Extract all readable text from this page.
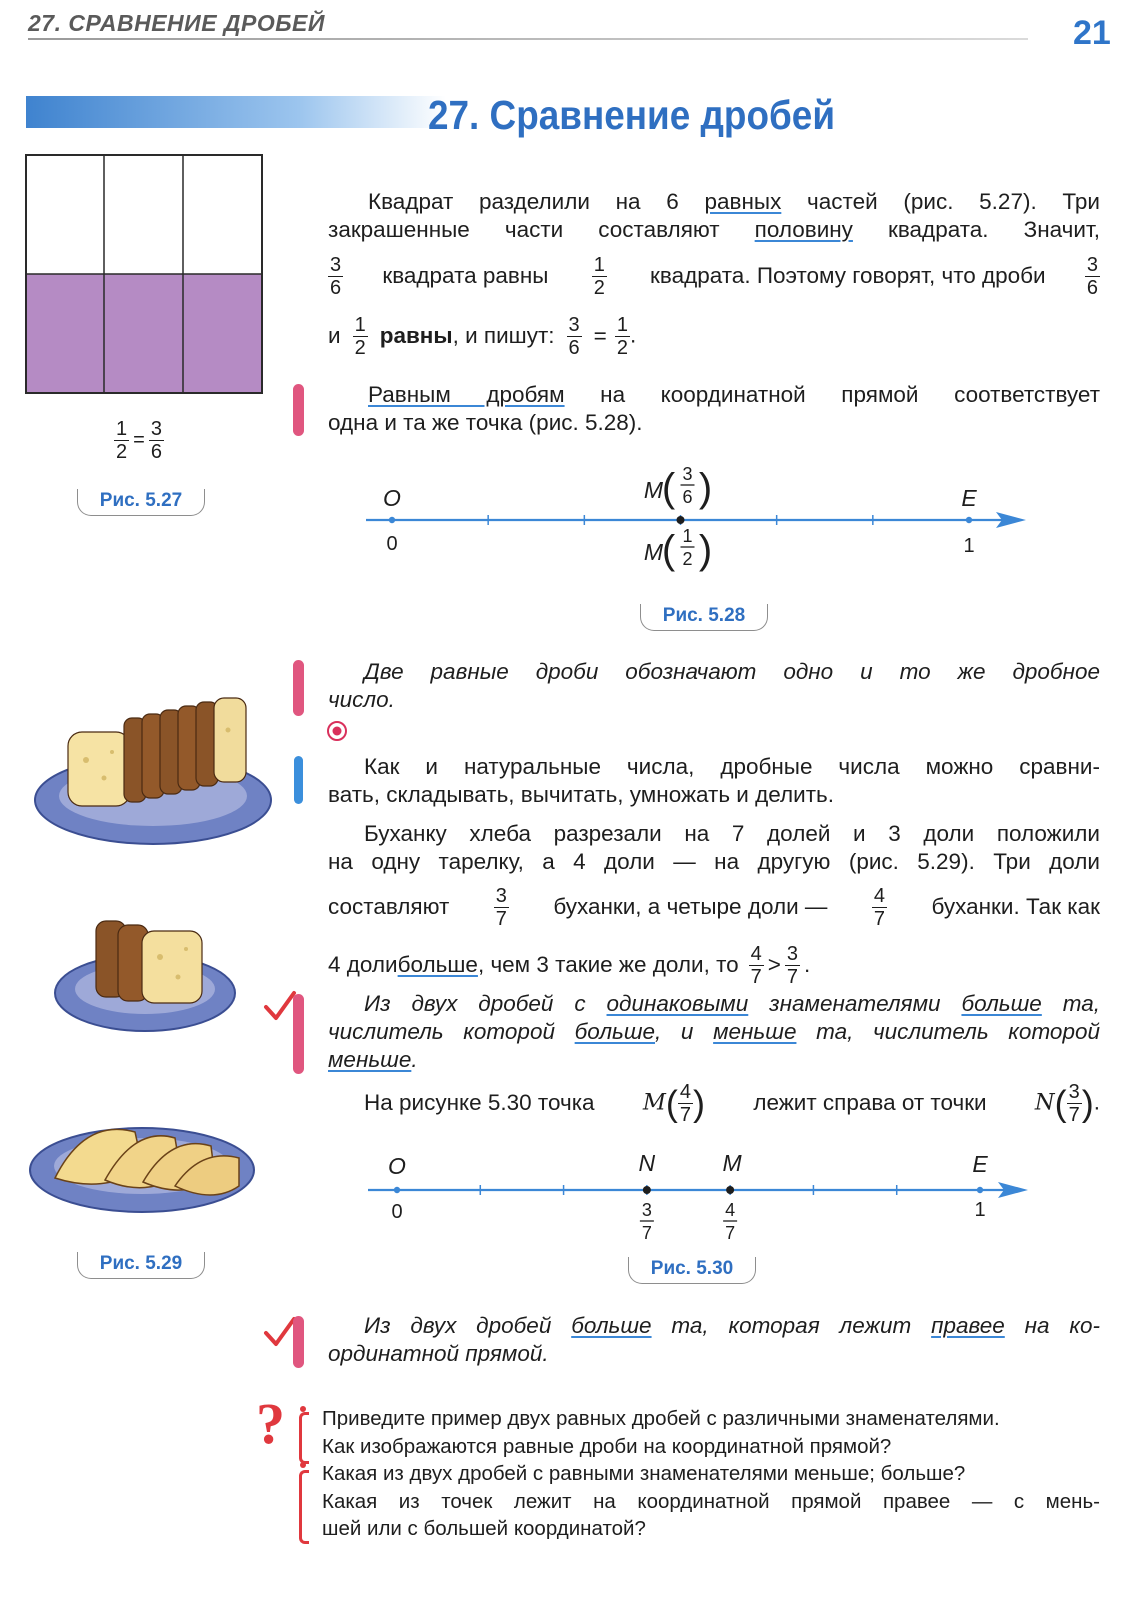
27. СРАВНЕНИЕ ДРОБЕЙ	21
27. Сравнение дробей
$\frac{1}{2} = \frac{3}{6}$
Рис. 5.27
Квадрат разделили на 6 равных частей (рис. 5.27). Три
закрашенные части составляют половину квадрата. Значит,
3
6 квадрата равны 1
2 квадрата. Поэтому говорят, что дроби 3
6
и 1
2 равны, и пишут: $\frac{3}{6} = \frac{1}{2}$ .
Равным дробям на координатной прямой соответствует
одна и та же точка (рис. 5.28).
O	E
0	1
M
( 3
6 )
M
( 1
2 )
Рис. 5.28
Две равные дроби обозначают одно и то же дробное
число.
Рис. 5.29
Как и натуральные числа, дробные числа можно сравни-
вать, складывать, вычитать, умножать и делить.
Буханку хлеба разрезали на 7 долей и 3 доли положили
на одну тарелку, а 4 доли — на другую (рис. 5.29). Три доли
составляют 3
7 буханки, а четыре доли — 4
7 буханки. Так как
4 доли больше , чем 3 такие же доли, то 4
7 > 3
7 .
Из двух дробей с одинаковыми знаменателями больше та,
числитель которой больше, и меньше та, числитель которой
меньше.
На рисунке 5.30 точка $M( \frac{4}{7}$ ) лежит справа от точки $N( \frac{3}{7}$ ).
O	E
N	M
0	1
3
7
4
7
Рис. 5.30
Из двух дробей больше та, которая лежит правее на ко-
ординатной прямой.
? Приведите пример двух равных дробей с различными знаменателями.
Как изображаются равные дроби на координатной прямой?
Какая из двух дробей с равными знаменателями меньше; больше?
Какая из точек лежит на координатной прямой правее — с мень-
шей или с большей координатой?
